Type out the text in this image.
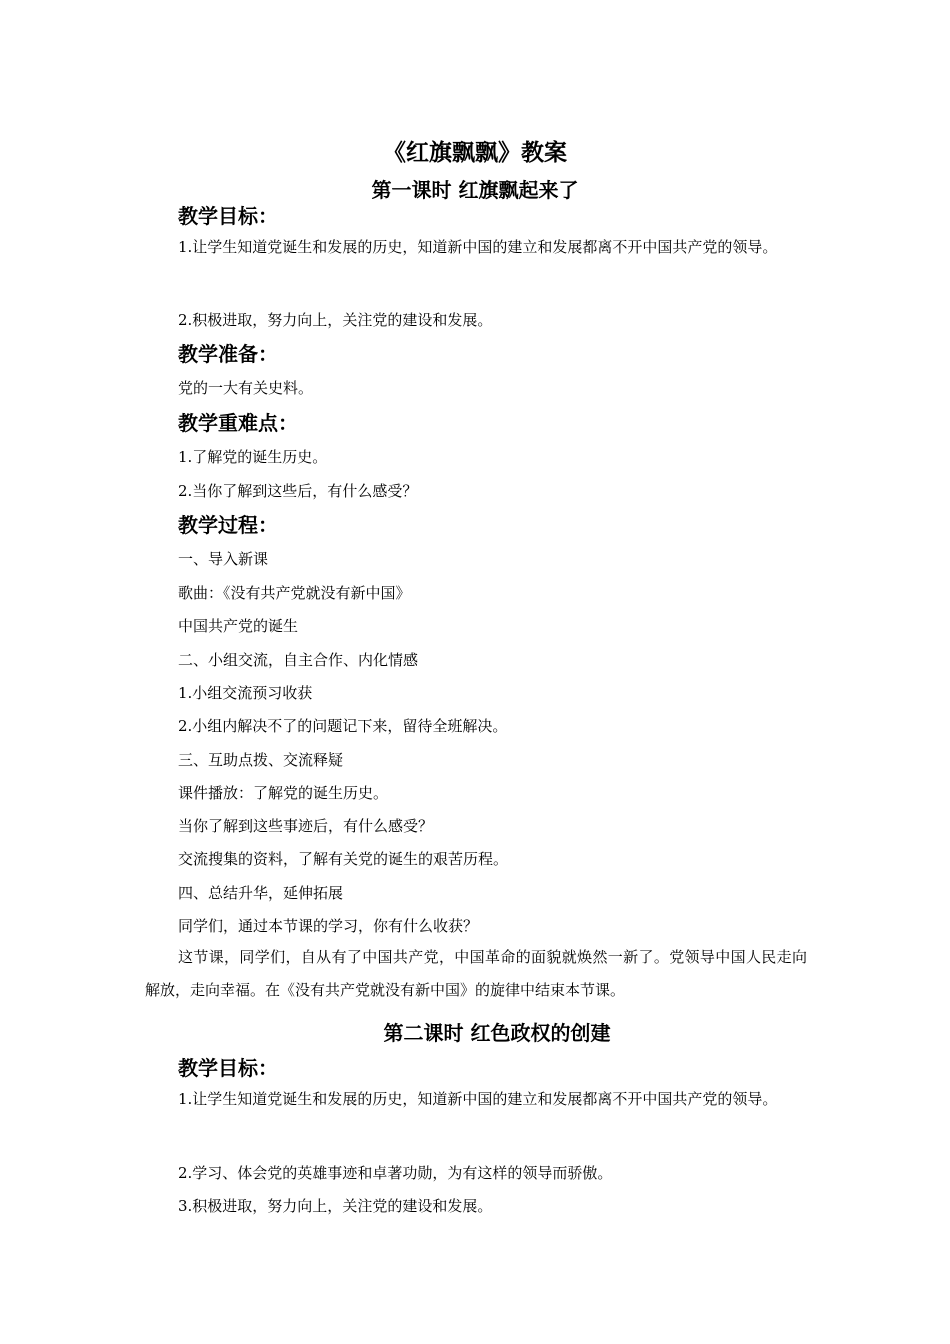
《红旗飘飘》教案
第一课时 红旗飘起来了
教学目标：
1.让学生知道党诞生和发展的历史，知道新中国的建立和发展都离不开中国共产党的领导。
2.积极进取，努力向上，关注党的建设和发展。
教学准备：
党的一大有关史料。
教学重难点：
1.了解党的诞生历史。
2.当你了解到这些后，有什么感受？
教学过程：
一、导入新课
歌曲：《没有共产党就没有新中国》
中国共产党的诞生
二、小组交流，自主合作、内化情感
1.小组交流预习收获
2.小组内解决不了的问题记下来，留待全班解决。
三、互助点拨、交流释疑
课件播放：了解党的诞生历史。
当你了解到这些事迹后，有什么感受？
交流搜集的资料，了解有关党的诞生的艰苦历程。
四、总结升华，延伸拓展
同学们，通过本节课的学习，你有什么收获？
这节课，同学们，自从有了中国共产党，中国革命的面貌就焕然一新了。党领导中国人民走向解放，走向幸福。在《没有共产党就没有新中国》的旋律中结束本节课。
第二课时 红色政权的创建
教学目标：
1.让学生知道党诞生和发展的历史，知道新中国的建立和发展都离不开中国共产党的领导。
2.学习、体会党的英雄事迹和卓著功勋，为有这样的领导而骄傲。
3.积极进取，努力向上，关注党的建设和发展。
